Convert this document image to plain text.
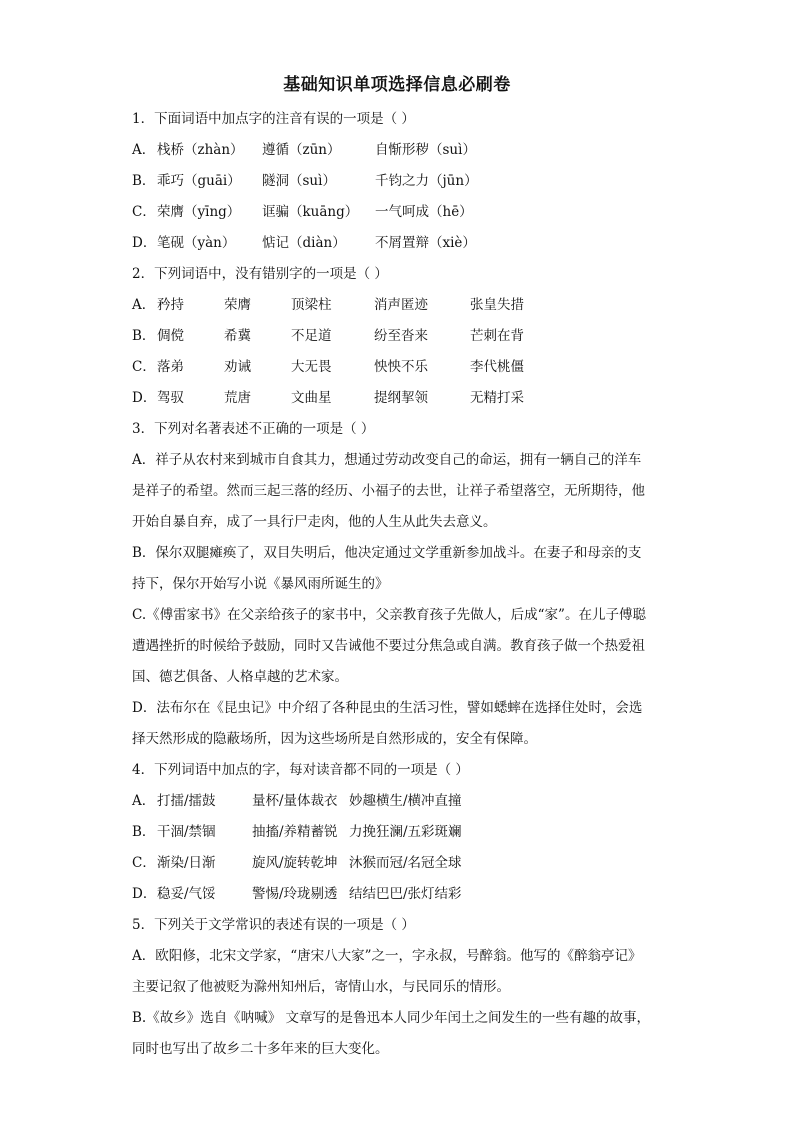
基础知识单项选择信息必刷卷
1．下面词语中加点字的注音有误的一项是（ ）
A． 栈桥（zhàn）	遵循（zūn）	自惭形秽（suì）
B． 乖巧（guāi）	隧洞（suì）	千钧之力（jūn）
C． 荣膺（yīng）	诓骗（kuāng）	一气呵成（hē）
D． 笔砚（yàn）	惦记（diàn）	不屑置辩（xiè）
2．下列词语中，没有错别字的一项是（ ）
A． 矜持	荣膺	顶梁柱	消声匿迹	张皇失措
B． 倜傥	希冀	不足道	纷至沓来	芒刺在背
C． 落弟	劝诫	大无畏	怏怏不乐	李代桃僵
D． 驾驭	荒唐	文曲星	提纲挈领	无精打采
3．下列对名著表述不正确的一项是（ ）
A．祥子从农村来到城市自食其力，想通过劳动改变自己的命运，拥有一辆自己的洋车
是祥子的希望。然而三起三落的经历、小福子的去世，让祥子希望落空，无所期待，他
开始自暴自弃，成了一具行尸走肉，他的人生从此失去意义。
B．保尔双腿瘫痪了，双目失明后，他决定通过文学重新参加战斗。在妻子和母亲的支
持下，保尔开始写小说《暴风雨所诞生的》
C.《傅雷家书》在父亲给孩子的家书中，父亲教育孩子先做人，后成“家”。在儿子傅聪
遭遇挫折的时候给予鼓励，同时又告诫他不要过分焦急或自满。教育孩子做一个热爱祖
国、德艺俱备、人格卓越的艺术家。
D．法布尔在《昆虫记》中介绍了各种昆虫的生活习性，譬如蟋蟀在选择住处时，会选
择天然形成的隐蔽场所，因为这些场所是自然形成的，安全有保障。
4．下列词语中加点的字，每对读音都不同的一项是（ ）
A． 打擂/擂鼓	量杯/量体裁衣 妙趣横生/横冲直撞
B． 干涸/禁锢	抽搐/养精蓄锐 力挽狂澜/五彩斑斓
C． 渐染/日渐	旋风/旋转乾坤 沐猴而冠/名冠全球
D． 稳妥/气馁	警惕/玲珑剔透 结结巴巴/张灯结彩
5．下列关于文学常识的表述有误的一项是（ ）
A．欧阳修，北宋文学家，“唐宋八大家”之一，字永叔，号醉翁。他写的《醉翁亭记》
主要记叙了他被贬为滁州知州后，寄情山水，与民同乐的情形。
B.《故乡》选自《呐喊》 文章写的是鲁迅本人同少年闰土之间发生的一些有趣的故事，
同时也写出了故乡二十多年来的巨大变化。
